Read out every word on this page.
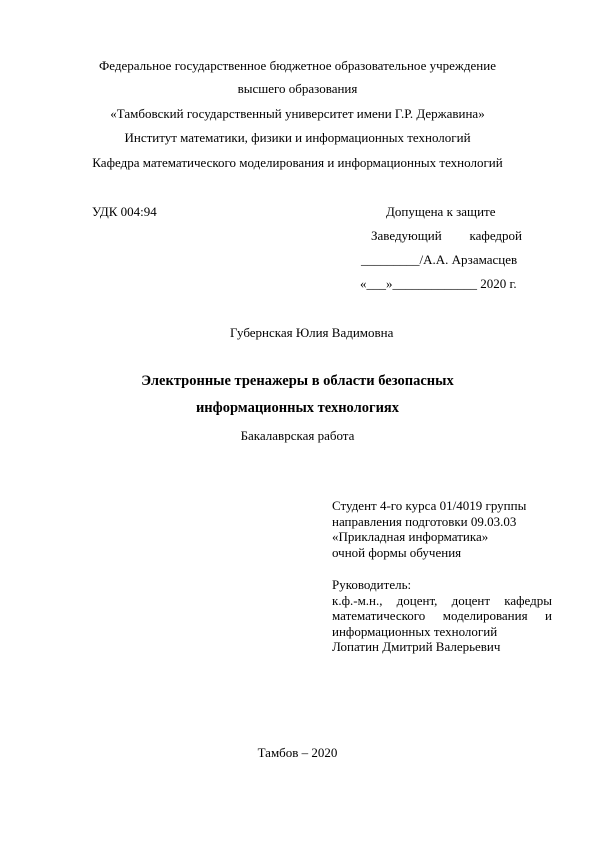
Федеральное государственное бюджетное образовательное учреждение
высшего образования
«Тамбовский государственный университет имени Г.Р. Державина»
Институт математики, физики и информационных технологий
Кафедра математического моделирования и информационных технологий
УДК 004:94	Допущена к защите
Заведующий кафедрой
_________/А.А. Арзамасцев
«___»_____________ 2020 г.
Губернская Юлия Вадимовна
Электронные тренажеры в области безопасных
информационных технологиях
Бакалаврская работа
Студент 4-го курса 01/4019 группы
направления подготовки 09.03.03
«Прикладная информатика»
очной формы обучения
Руководитель:
к.ф.-м.н., доцент, доцент кафедры
математического моделирования и
информационных технологий
Лопатин Дмитрий Валерьевич
Тамбов – 2020
